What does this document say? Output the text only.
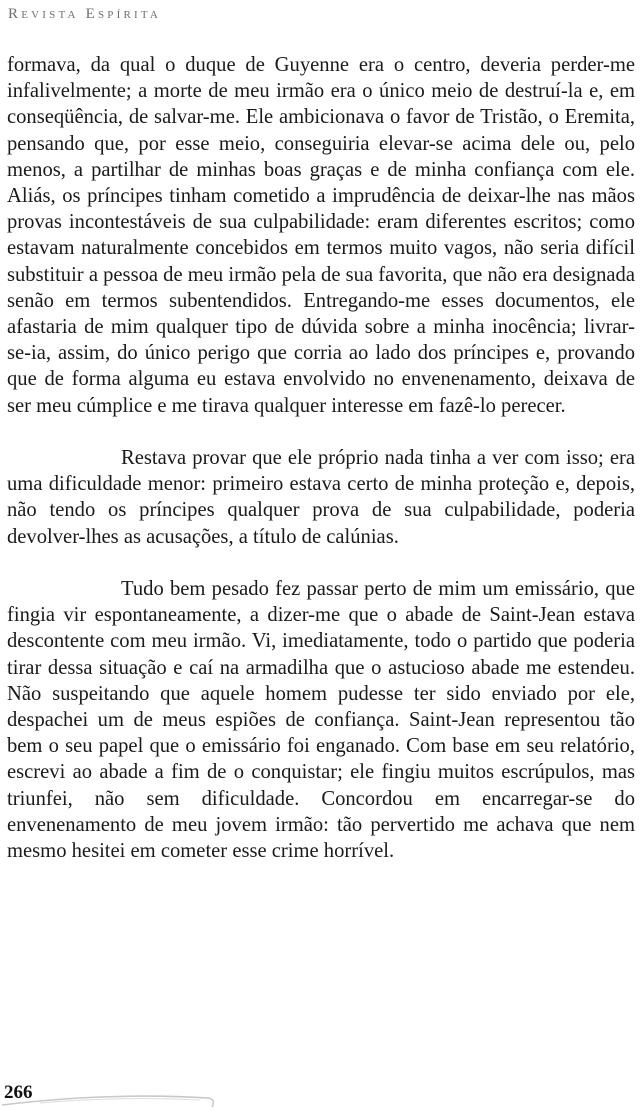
Revista Espírita

formava, da qual o duque de Guyenne era o centro, deveria perder-me infalivelmente; a morte de meu irmão era o único meio de destruí-la e, em conseqüência, de salvar-me. Ele ambicionava o favor de Tristão, o Eremita, pensando que, por esse meio, conseguiria elevar-se acima dele ou, pelo menos, a partilhar de minhas boas graças e de minha confiança com ele. Aliás, os príncipes tinham cometido a imprudência de deixar-lhe nas mãos provas incontestáveis de sua culpabilidade: eram diferentes escritos; como estavam naturalmente concebidos em termos muito vagos, não seria difícil substituir a pessoa de meu irmão pela de sua favorita, que não era designada senão em termos subentendidos. Entregando-me esses documentos, ele afastaria de mim qualquer tipo de dúvida sobre a minha inocência; livrar-se-ia, assim, do único perigo que corria ao lado dos príncipes e, provando que de forma alguma eu estava envolvido no envenenamento, deixava de ser meu cúmplice e me tirava qualquer interesse em fazê-lo perecer.

Restava provar que ele próprio nada tinha a ver com isso; era uma dificuldade menor: primeiro estava certo de minha proteção e, depois, não tendo os príncipes qualquer prova de sua culpabilidade, poderia devolver-lhes as acusações, a título de calúnias.

Tudo bem pesado fez passar perto de mim um emissário, que fingia vir espontaneamente, a dizer-me que o abade de Saint-Jean estava descontente com meu irmão. Vi, imediatamente, todo o partido que poderia tirar dessa situação e caí na armadilha que o astucioso abade me estendeu. Não suspeitando que aquele homem pudesse ter sido enviado por ele, despachei um de meus espiões de confiança. Saint-Jean representou tão bem o seu papel que o emissário foi enganado. Com base em seu relatório, escrevi ao abade a fim de o conquistar; ele fingiu muitos escrúpulos, mas triunfei, não sem dificuldade. Concordou em encarregar-se do envenenamento de meu jovem irmão: tão pervertido me achava que nem mesmo hesitei em cometer esse crime horrível.

266
